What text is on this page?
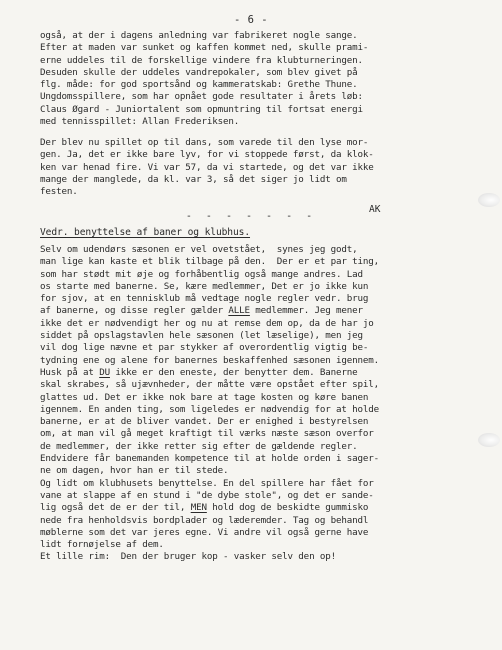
- 6 -
også, at der i dagens anledning var fabrikeret nogle sange.
Efter at maden var sunket og kaffen kommet ned, skulle prami-
erne uddeles til de forskellige vindere fra klubturneringen.
Desuden skulle der uddeles vandrepokaler, som blev givet på
flg. måde: for god sportsånd og kammeratskab: Grethe Thune.
Ungdomsspillere, som har opnået gode resultater i årets løb:
Claus Øgard - Juniortalent som opmuntring til fortsat energi
med tennisspillet: Allan Frederiksen.
Der blev nu spillet op til dans, som varede til den lyse mor-
gen. Ja, det er ikke bare lyv, for vi stoppede først, da klok-
ken var henad fire. Vi var 57, da vi startede, og det var ikke
mange der manglede, da kl. var 3, så det siger jo lidt om
festen.
AK
- - - - - - -
Vedr. benyttelse af baner og klubhus.
Selv om udendørs sæsonen er vel ovetstået,  synes jeg godt,
man lige kan kaste et blik tilbage på den.  Der er et par ting,
som har stødt mit øje og forhåbentlig også mange andres. Lad
os starte med banerne. Se, kære medlemmer, Det er jo ikke kun
for sjov, at en tennisklub må vedtage nogle regler vedr. brug
af banerne, og disse regler gælder ALLE medlemmer. Jeg mener
ikke det er nødvendigt her og nu at remse dem op, da de har jo
siddet på opslagstavlen hele sæsonen (let læselige), men jeg
vil dog lige nævne et par stykker af overordentlig vigtig be-
tydning ene og alene for banernes beskaffenhed sæsonen igennem.
Husk på at DU ikke er den eneste, der benytter dem. Banerne
skal skrabes, så ujævnheder, der måtte være opstået efter spil,
glattes ud. Det er ikke nok bare at tage kosten og køre banen
igennem. En anden ting, som ligeledes er nødvendig for at holde
banerne, er at de bliver vandet. Der er enighed i bestyrelsen
om, at man vil gå meget kraftigt til værks næste sæson overfor
de medlemmer, der ikke retter sig efter de gældende regler.
Endvidere får banemanden kompetence til at holde orden i sager-
ne om dagen, hvor han er til stede.
Og lidt om klubhusets benyttelse. En del spillere har fået for
vane at slappe af en stund i "de dybe stole", og det er sande-
lig også det de er der til, MEN hold dog de beskidte gummisko
nede fra henholdsvis bordplader og læderemder. Tag og behandl
møblerne som det var jeres egne. Vi andre vil også gerne have
lidt fornøjelse af dem.
Et lille rim:  Den der bruger kop - vasker selv den op!
